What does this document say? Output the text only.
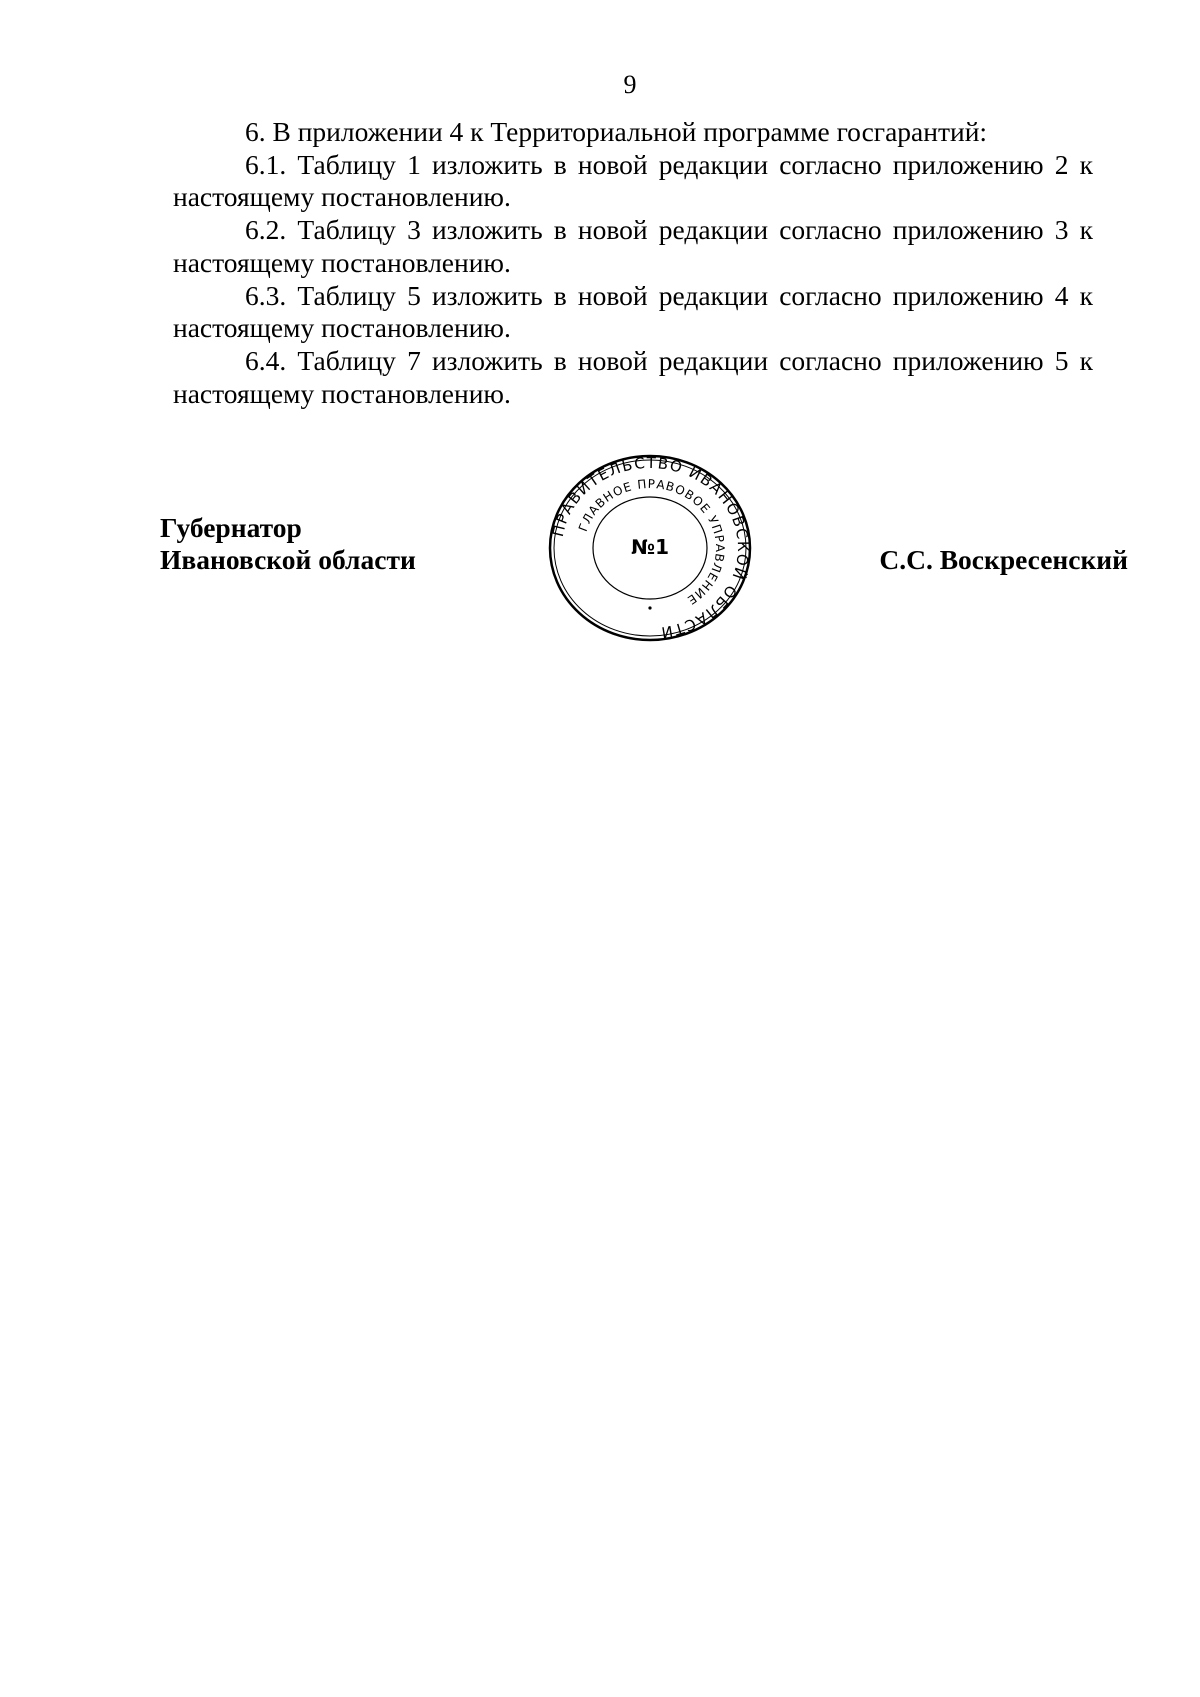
9

6. В приложении 4 к Территориальной программе госгарантий:

6.1. Таблицу 1 изложить в новой редакции согласно приложению 2 к настоящему постановлению.

6.2. Таблицу 3 изложить в новой редакции согласно приложению 3 к настоящему постановлению.

6.3. Таблицу 5 изложить в новой редакции согласно приложению 4 к настоящему постановлению.

6.4. Таблицу 7 изложить в новой редакции согласно приложению 5 к настоящему постановлению.

Губернатор
Ивановской области	С.С. Воскресенский
ПРАВИТЕЛЬСТВО ИВАНОВСКОЙ ОБЛАСТИ
ГЛАВНОЕ ПРАВОВОЕ УПРАВЛЕНИЕ
№1
